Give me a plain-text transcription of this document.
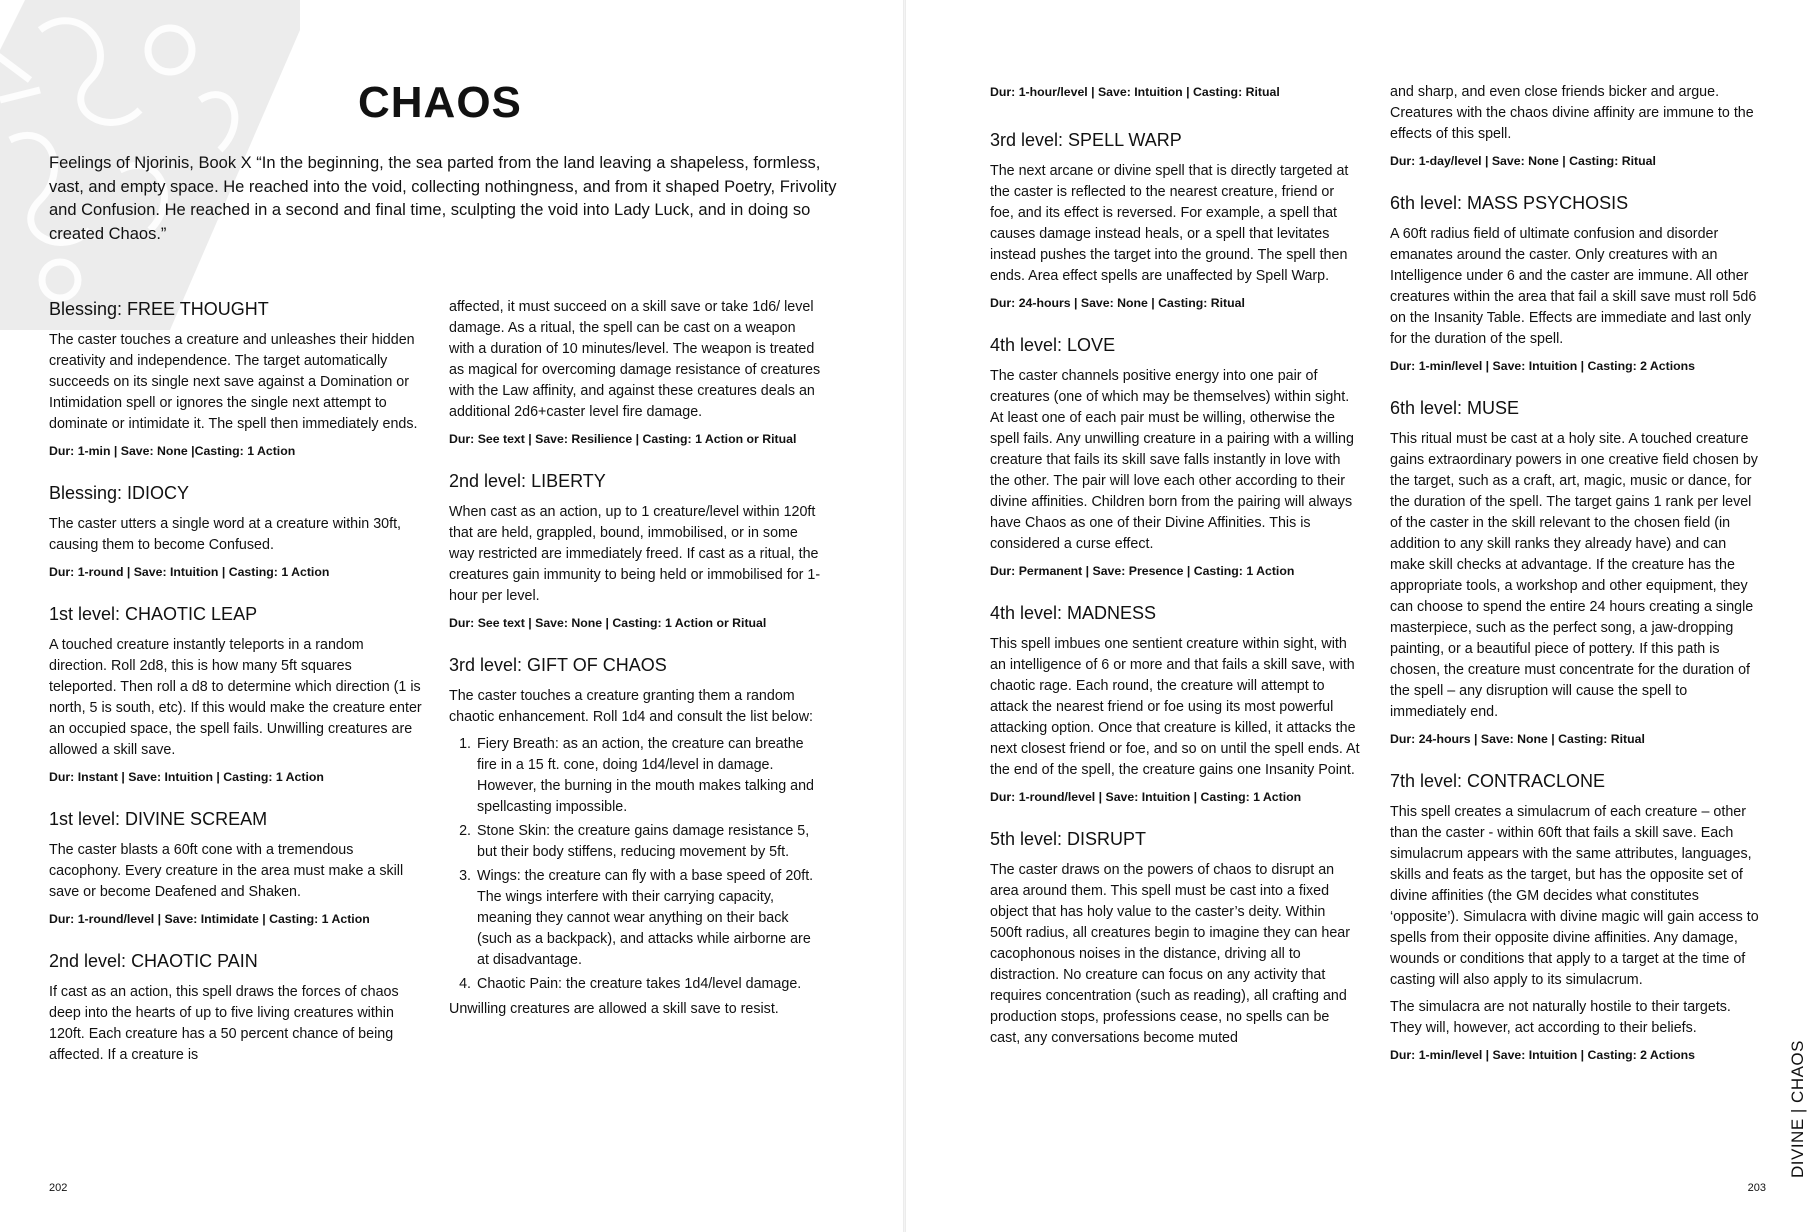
CHAOS

Feelings of Njorinis, Book X “In the beginning, the sea parted from the land leaving a shapeless, formless, vast, and empty space. He reached into the void, collecting nothingness, and from it shaped Poetry, Frivolity and Confusion. He reached in a second and final time, sculpting the void into Lady Luck, and in doing so created Chaos.”

Blessing: FREE THOUGHT

The caster touches a creature and unleashes their hidden creativity and independence. The target automatically succeeds on its single next save against a Domination or Intimidation spell or ignores the single next attempt to dominate or intimidate it. The spell then immediately ends.

Dur: 1-min | Save: None |Casting: 1 Action

Blessing: IDIOCY

The caster utters a single word at a creature within 30ft, causing them to become Confused.

Dur: 1-round | Save: Intuition | Casting: 1 Action

1st level: CHAOTIC LEAP

A touched creature instantly teleports in a random direction. Roll 2d8, this is how many 5ft squares teleported. Then roll a d8 to determine which direction (1 is north, 5 is south, etc). If this would make the creature enter an occupied space, the spell fails. Unwilling creatures are allowed a skill save.

Dur: Instant | Save: Intuition | Casting: 1 Action

1st level: DIVINE SCREAM

The caster blasts a 60ft cone with a tremendous cacophony. Every creature in the area must make a skill save or become Deafened and Shaken.

Dur: 1-round/level | Save: Intimidate | Casting: 1 Action

2nd level: CHAOTIC PAIN

If cast as an action, this spell draws the forces of chaos deep into the hearts of up to five living creatures within 120ft. Each creature has a 50 percent chance of being affected. If a creature is

affected, it must succeed on a skill save or take 1d6/ level damage. As a ritual, the spell can be cast on a weapon with a duration of 10 minutes/level. The weapon is treated as magical for overcoming damage resistance of creatures with the Law affinity, and against these creatures deals an additional 2d6+caster level fire damage.

Dur: See text | Save: Resilience | Casting: 1 Action or Ritual

2nd level: LIBERTY

When cast as an action, up to 1 creature/level within 120ft that are held, grappled, bound, immobilised, or in some way restricted are immediately freed. If cast as a ritual, the creatures gain immunity to being held or immobilised for 1-hour per level.

Dur: See text | Save: None | Casting: 1 Action or Ritual

3rd level: GIFT OF CHAOS

The caster touches a creature granting them a random chaotic enhancement. Roll 1d4 and consult the list below:

1. Fiery Breath: as an action, the creature can breathe fire in a 15 ft. cone, doing 1d4/level in damage. However, the burning in the mouth makes talking and spellcasting impossible.
2. Stone Skin: the creature gains damage resistance 5, but their body stiffens, reducing movement by 5ft.
3. Wings: the creature can fly with a base speed of 20ft. The wings interfere with their carrying capacity, meaning they cannot wear anything on their back (such as a backpack), and attacks while airborne are at disadvantage.
4. Chaotic Pain: the creature takes 1d4/level damage.

Unwilling creatures are allowed a skill save to resist.

202

Dur: 1-hour/level | Save: Intuition | Casting: Ritual

3rd level: SPELL WARP

The next arcane or divine spell that is directly targeted at the caster is reflected to the nearest creature, friend or foe, and its effect is reversed. For example, a spell that causes damage instead heals, or a spell that levitates instead pushes the target into the ground. The spell then ends. Area effect spells are unaffected by Spell Warp.

Dur: 24-hours | Save: None | Casting: Ritual

4th level: LOVE

The caster channels positive energy into one pair of creatures (one of which may be themselves) within sight. At least one of each pair must be willing, otherwise the spell fails. Any unwilling creature in a pairing with a willing creature that fails its skill save falls instantly in love with the other. The pair will love each other according to their divine affinities. Children born from the pairing will always have Chaos as one of their Divine Affinities. This is considered a curse effect.

Dur: Permanent | Save: Presence | Casting: 1 Action

4th level: MADNESS

This spell imbues one sentient creature within sight, with an intelligence of 6 or more and that fails a skill save, with chaotic rage. Each round, the creature will attempt to attack the nearest friend or foe using its most powerful attacking option. Once that creature is killed, it attacks the next closest friend or foe, and so on until the spell ends. At the end of the spell, the creature gains one Insanity Point.

Dur: 1-round/level | Save: Intuition | Casting: 1 Action

5th level: DISRUPT

The caster draws on the powers of chaos to disrupt an area around them. This spell must be cast into a fixed object that has holy value to the caster’s deity. Within 500ft radius, all creatures begin to imagine they can hear cacophonous noises in the distance, driving all to distraction. No creature can focus on any activity that requires concentration (such as reading), all crafting and production stops, professions cease, no spells can be cast, any conversations become muted

and sharp, and even close friends bicker and argue. Creatures with the chaos divine affinity are immune to the effects of this spell.

Dur: 1-day/level | Save: None | Casting: Ritual

6th level: MASS PSYCHOSIS

A 60ft radius field of ultimate confusion and disorder emanates around the caster. Only creatures with an Intelligence under 6 and the caster are immune. All other creatures within the area that fail a skill save must roll 5d6 on the Insanity Table. Effects are immediate and last only for the duration of the spell.

Dur: 1-min/level | Save: Intuition | Casting: 2 Actions

6th level: MUSE

This ritual must be cast at a holy site. A touched creature gains extraordinary powers in one creative field chosen by the target, such as a craft, art, magic, music or dance, for the duration of the spell. The target gains 1 rank per level of the caster in the skill relevant to the chosen field (in addition to any skill ranks they already have) and can make skill checks at advantage. If the creature has the appropriate tools, a workshop and other equipment, they can choose to spend the entire 24 hours creating a single masterpiece, such as the perfect song, a jaw-dropping painting, or a beautiful piece of pottery. If this path is chosen, the creature must concentrate for the duration of the spell – any disruption will cause the spell to immediately end.

Dur: 24-hours | Save: None | Casting: Ritual

7th level: CONTRACLONE

This spell creates a simulacrum of each creature – other than the caster - within 60ft that fails a skill save. Each simulacrum appears with the same attributes, languages, skills and feats as the target, but has the opposite set of divine affinities (the GM decides what constitutes ‘opposite’). Simulacra with divine magic will gain access to spells from their opposite divine affinities. Any damage, wounds or conditions that apply to a target at the time of casting will also apply to its simulacrum.

The simulacra are not naturally hostile to their targets. They will, however, act according to their beliefs.

Dur: 1-min/level | Save: Intuition | Casting: 2 Actions	DIVINE | CHAOS
203
